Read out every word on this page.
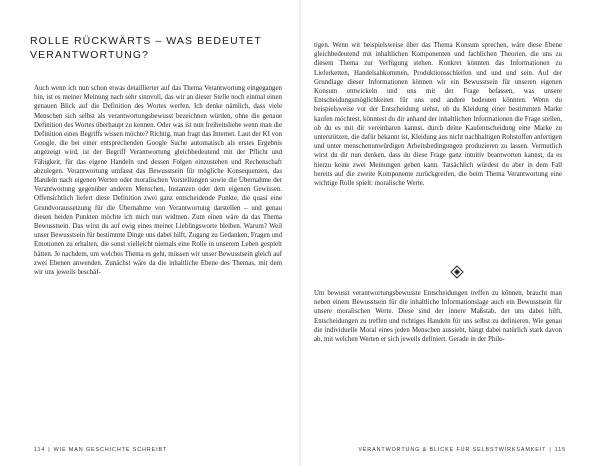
ROLLE RÜCKWÄRTS – WAS BEDEUTET VERANTWORTUNG?

Auch wenn ich nun schon etwas detaillierter auf das Thema Verantwortung eingegangen bin, ist es meiner Meinung nach sehr sinnvoll, das wir an dieser Stelle noch einmal einen genauen Blick auf die Definition des Wortes werfen. Ich denke nämlich, dass viele Menschen sich selbst als verantwortungsbewusst bezeichnen würden, ohne die genaue Definition des Wortes überhaupt zu kennen. Oder was ist nun freiheitsliebe wenn man die Definition eines Begriffs wissen möchte? Richtig, man fragt das Internet. Laut der KI von Google, die bei einer entsprechenden Google Suche automatisch als erstes Ergebnis angezeigt wird, ist der Begriff Verantwortung gleichbedeutend mit der Pflicht und Fähigkeit, für das eigene Handeln und dessen Folgen einzustehen und Rechenschaft abzulegen. Verantwortung umfasst das Bewusstsein für mögliche Konsequenzen, das Handeln nach eigenen Werten oder moralischen Vorstellungen sowie die Übernahme der Verantwortung gegenüber anderen Menschen, Instanzen oder dem eigenen Gewissen. Offensichtlich liefert diese Definition zwei ganz entscheidende Punkte, die quasi eine Grundvoraussetzung für die Übernahme von Verantwortung darstellen – und genau diesen beiden Punkten möchte ich mich nun widmen. Zum einen wäre da das Thema Bewusstsein. Das wirst du auf ewig eines meiner Lieblingsworte bleiben. Warum? Weil unser Bewusstsein für bestimmte Dinge uns dabei hilft, Zugang zu Gedanken, Fragen und Emotionen zu erhalten, die sonst vielleicht niemals eine Rolle in unserem Leben gespielt hätten. Je nachdem, um welches Thema es geht, müssen wir unser Bewusstsein gleich auf zwei Ebenen anwenden. Zunächst wäre da die inhaltliche Ebene des Themas, mit dem wir uns jeweils beschäf-

114 | WIE MAN GESCHICHTE SCHREIBT

tigen. Wenn wir beispielsweise über das Thema Konsum sprechen, wäre diese Ebene gleichbedeutend mit inhaltlichen Komponenten und fachlichen Theorien, die uns zu diesem Thema zur Verfügung stehen. Konkret könnten das Informationen zu Lieferketten, Handelsabkommen, Produktionsschleifen und und und sein. Auf der Grundlage dieser Informationen können wir ein Bewusstsein für unseren eigenen Konsum entwickeln und uns mit der Frage befassen, was unsere Entscheidungsmöglichkeiten für uns und andere bedeuten könnten. Wenn du beispielsweise vor der Entscheidung stehst, ob du Kleidung einer bestimmten Marke kaufen möchtest, könntest du dir anhand der inhaltlichen Informationen die Frage stellen, ob du es mit dir vereinbaren kannst, durch deine Kaufentscheidung eine Marke zu unterstützen, die dafür bekannt ist, Kleidung aus nicht nachhaltigen Rohstoffen anfertigen und unter menschenunwürdigen Arbeitsbedingungen produzieren zu lassen. Vermutlich wirst du dir nun denken, dass du diese Frage ganz intuitiv beantworten kannst, da es hierzu keine zwei Meinungen geben kann. Tatsächlich würdest du aber in dem Fall bereits auf die zweite Komponente zurückgreifen, die beim Thema Verantwortung eine wichtige Rolle spielt: moralische Werte.

Um bewusst verantwortungsbewusste Entscheidungen treffen zu können, braucht man neben einem Bewusstsein für die inhaltliche Informationslage auch ein Bewusstsein für unsere moralischen Werte. Diese sind der innere Maßstab, der uns dabei hilft, Entscheidungen zu treffen und richtiges Handeln für uns selbst zu definieren. Wie genau die individuelle Moral eines jeden Menschen aussieht, hängt dabei natürlich stark davon ab, mit welchen Werten er sich jeweils definiert. Gerade in der Philo-

VERANTWORTUNG & BLICKE FÜR SELBSTWIRKSAMKEIT | 115
